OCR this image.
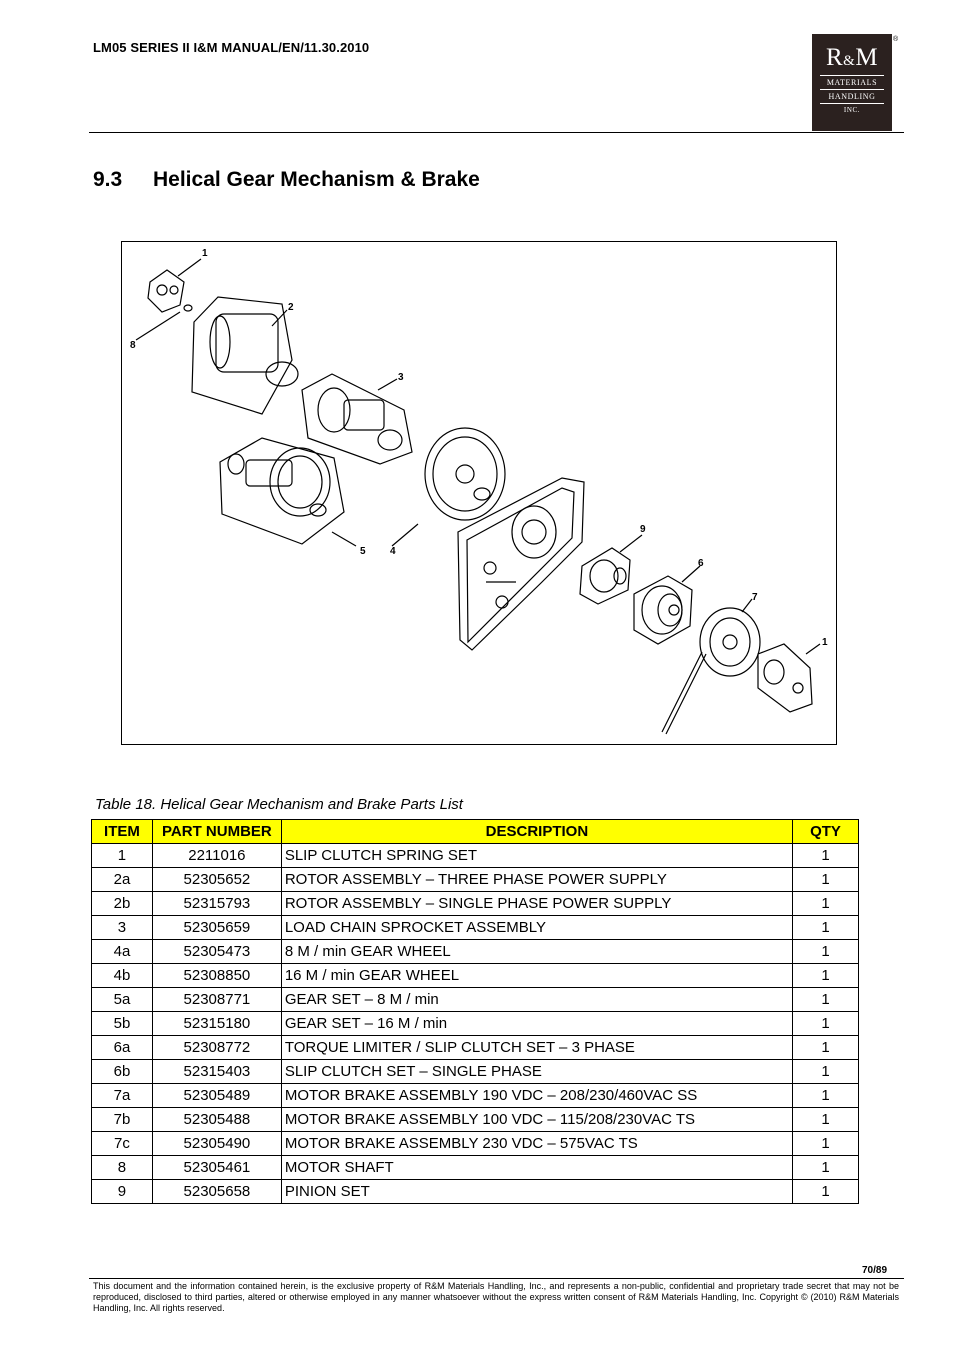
LM05 SERIES II I&M MANUAL/EN/11.30.2010	R&M
MATERIALS
HANDLING
INC.
®
9.3 Helical Gear Mechanism & Brake
1
2
8
3
5 4
9
6
7
1
Table 18. Helical Gear Mechanism and Brake Parts List
ITEM	PART NUMBER	DESCRIPTION	QTY
1	2211016	SLIP CLUTCH SPRING SET	1
2a	52305652	ROTOR ASSEMBLY – THREE PHASE POWER SUPPLY	1
2b	52315793	ROTOR ASSEMBLY – SINGLE PHASE POWER SUPPLY	1
3	52305659	LOAD CHAIN SPROCKET ASSEMBLY	1
4a	52305473	8 M / min GEAR WHEEL	1
4b	52308850	16 M / min GEAR WHEEL	1
5a	52308771	GEAR SET – 8 M / min	1
5b	52315180	GEAR SET – 16 M / min	1
6a	52308772	TORQUE LIMITER / SLIP CLUTCH SET – 3 PHASE	1
6b	52315403	SLIP CLUTCH SET – SINGLE PHASE	1
7a	52305489	MOTOR BRAKE ASSEMBLY 190 VDC – 208/230/460VAC SS	1
7b	52305488	MOTOR BRAKE ASSEMBLY 100 VDC – 115/208/230VAC TS	1
7c	52305490	MOTOR BRAKE ASSEMBLY 230 VDC – 575VAC TS	1
8	52305461	MOTOR SHAFT	1
9	52305658	PINION SET	1
70/89
This document and the information contained herein, is the exclusive property of R&M Materials Handling, Inc., and represents a non-public, confidential and proprietary trade secret that may not be reproduced, disclosed to third parties, altered or otherwise employed in any manner whatsoever without the express written consent of R&M Materials Handling, Inc. Copyright © (2010) R&M Materials Handling, Inc. All rights reserved.
